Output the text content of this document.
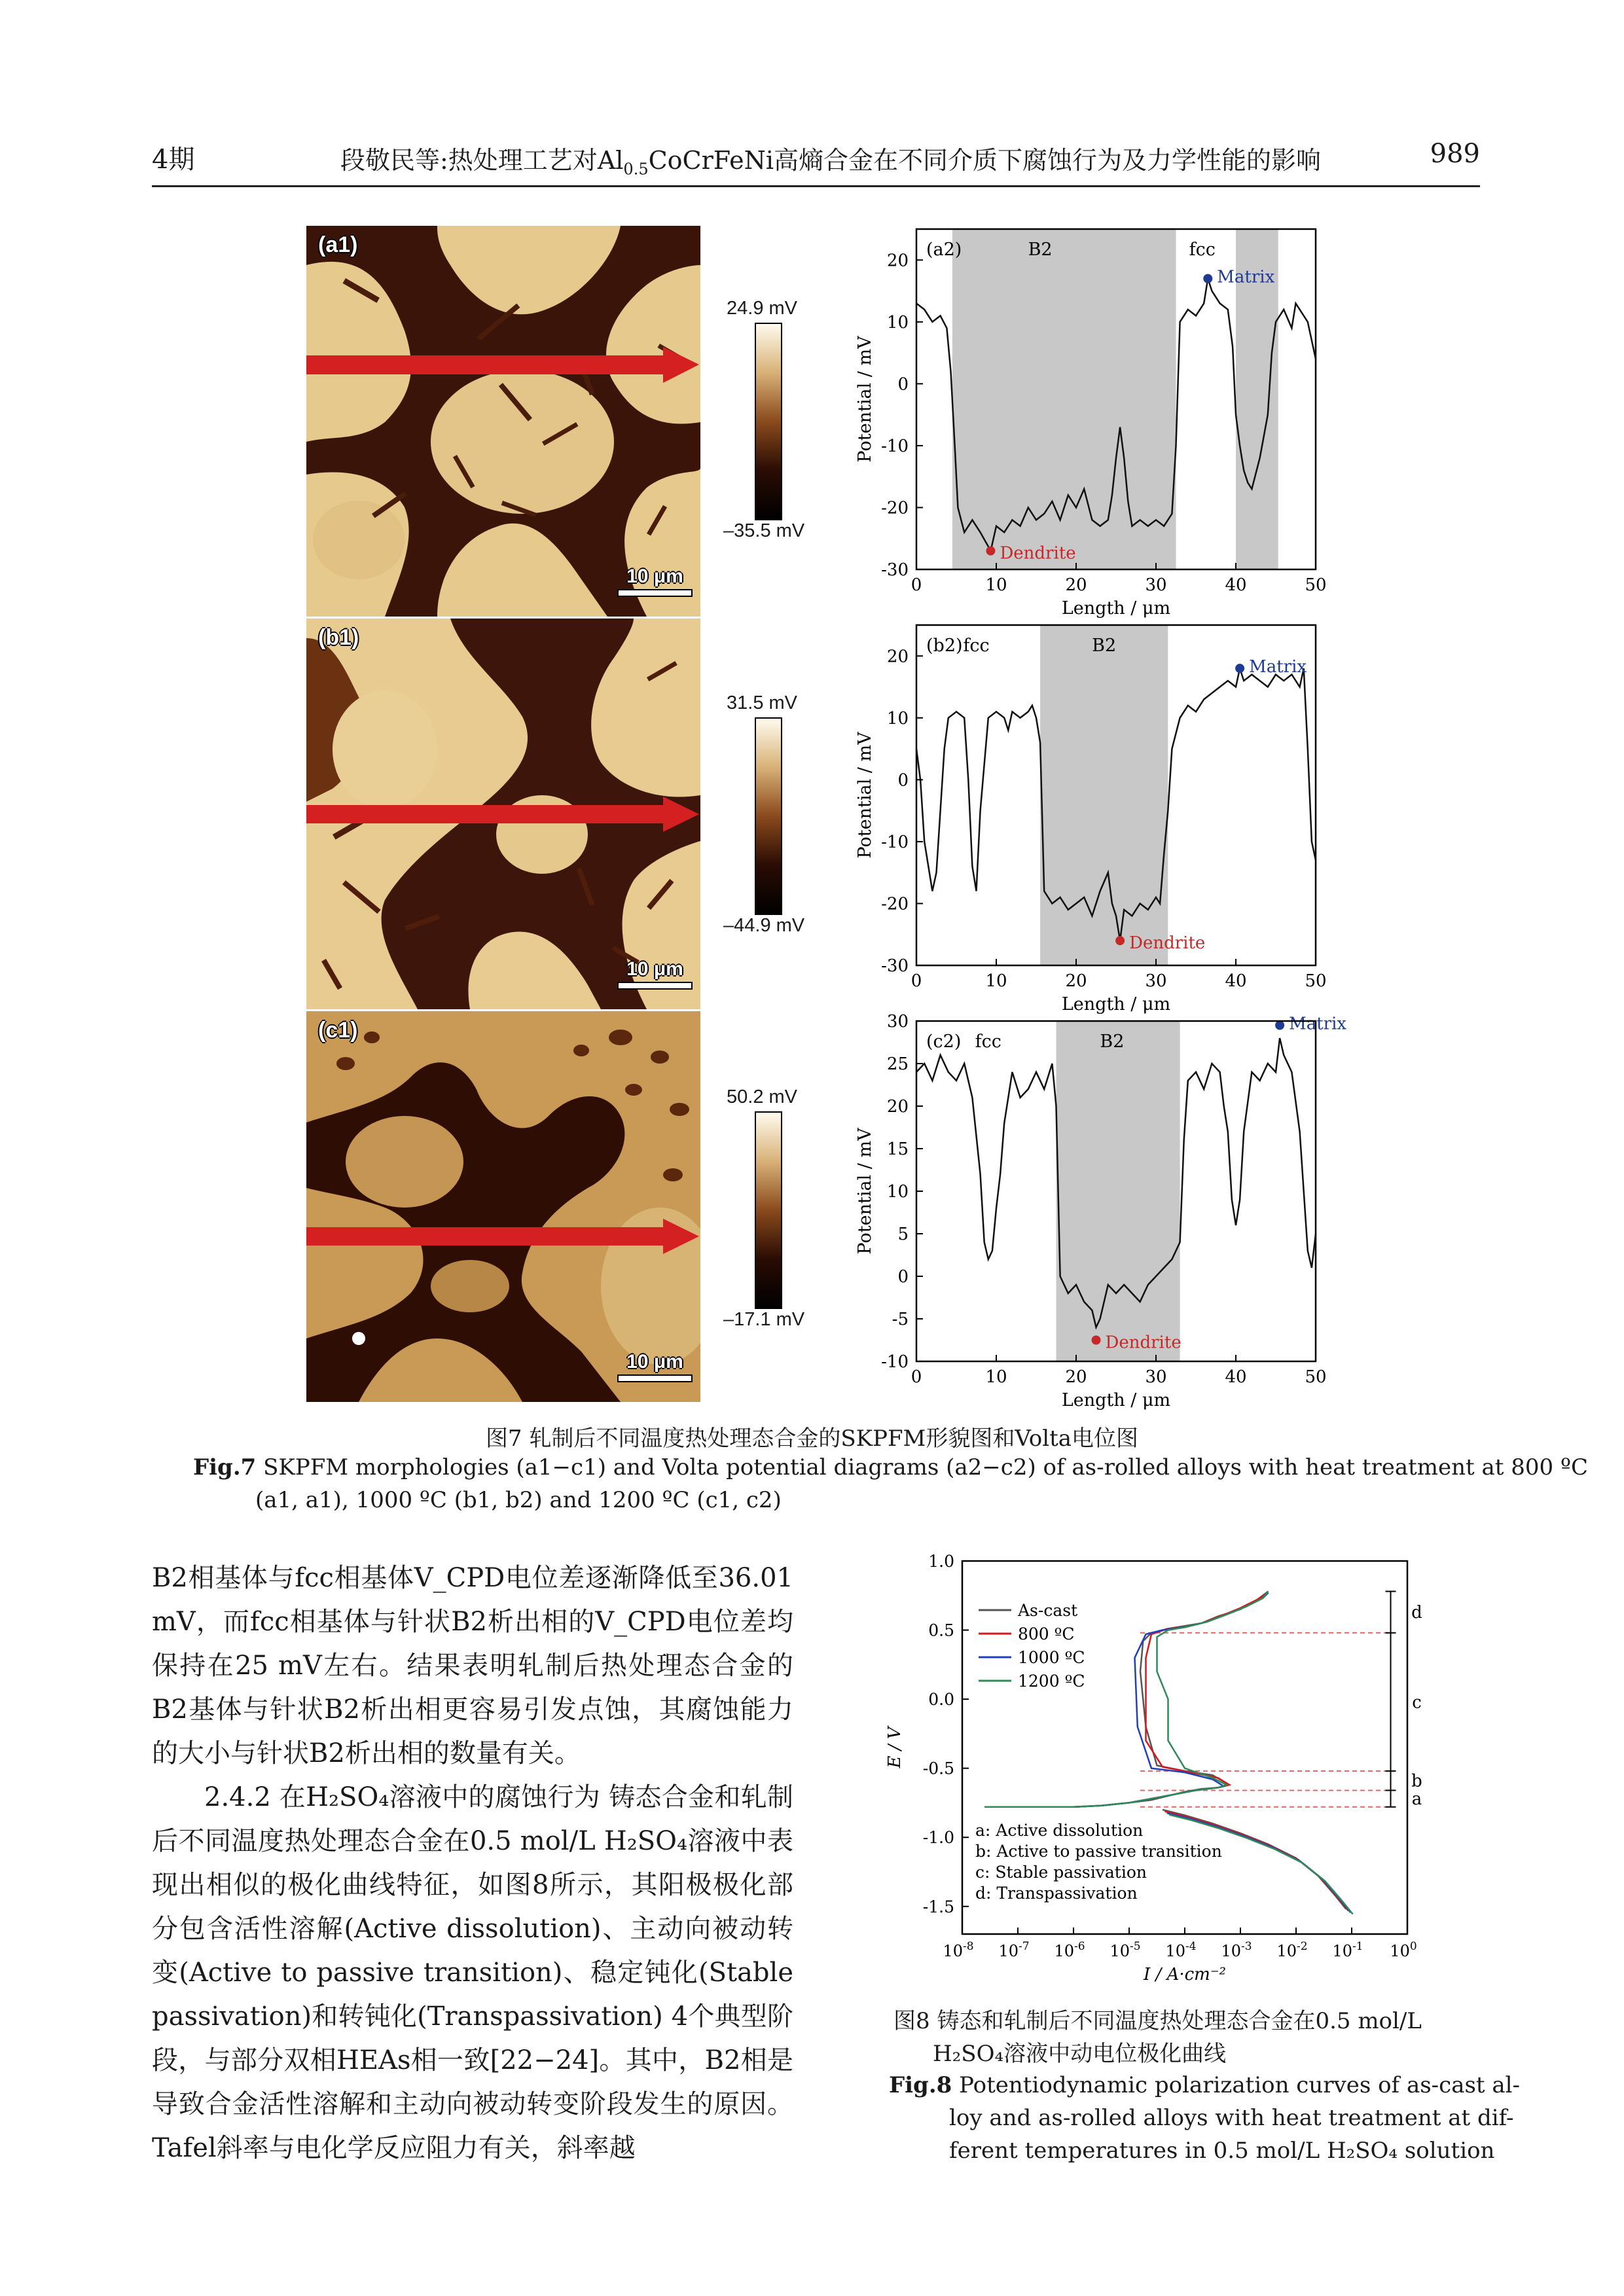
4期	段敬民等:热处理工艺对$Al_{0.5}CoCrFeNi$高熵合金在不同介质下腐蚀行为及力学性能的影响	989
(a1)
10 μm
(b1)
10 μm
(c1)
10 μm
24.9 mV
–35.5 mV
31.5 mV
–44.9 mV
50.2 mV
–17.1 mV
B2	fcc
(a2)
Dendrite
Matrix
0	10	20	30	40	50
-30
-20
-10
0
10
20
Length / μm
Potential / mV
fcc	B2
(b2)
Dendrite
Matrix
0	10	20	30	40	50
-30
-20
-10
0
10
20
Length / μm
Potential / mV
fcc	B2
(c2)
Dendrite
Matrix
0	10	20	30	40	50
-10
-5
0
5
10
15
20
25
30
Length / μm
Potential / mV
图7 轧制后不同温度热处理态合金的SKPFM形貌图和Volta电位图
Fig.7 SKPFM morphologies (a1−c1) and Volta potential diagrams (a2−c2) of as-rolled alloys with heat treatment at 800 ºC
(a1, a1), 1000 ºC (b1, b2) and 1200 ºC (c1, c2)

B2相基体与fcc相基体V_CPD电位差逐渐降低至36.01 mV，而fcc相基体与针状B2析出相的V_CPD电位差均保持在25 mV左右。结果表明轧制后热处理态合金的B2基体与针状B2析出相更容易引发点蚀，其腐蚀能力的大小与针状B2析出相的数量有关。

2.4.2 在H₂SO₄溶液中的腐蚀行为 铸态合金和轧制后不同温度热处理态合金在0.5 mol/L H₂SO₄溶液中表现出相似的极化曲线特征，如图8所示，其阳极极化部分包含活性溶解(Active dissolution)、主动向被动转变(Active to passive transition)、稳定钝化(Stable passivation)和转钝化(Transpassivation) 4个典型阶段，与部分双相HEAs相一致[22−24]。其中，B2相是导致合金活性溶解和主动向被动转变阶段发生的原因。Tafel斜率与电化学反应阻力有关，斜率越

d
c
b
a
As-cast
800 ºC
1000 ºC
1200 ºC
a: Active dissolution
b: Active to passive transition
c: Stable passivation
d: Transpassivation
$10^{-8}$ $10^{-7}$ $10^{-6}$ $10^{-5}$ $10^{-4}$ $10^{-3}$ $10^{-2}$ $10^{-1}$ $10^0$
-1.5
-1.0
-0.5
0.0
0.5
1.0
I / A·cm⁻²
E / V
图8 铸态和轧制后不同温度热处理态合金在0.5 mol/L
H₂SO₄溶液中动电位极化曲线
Fig.8 Potentiodynamic polarization curves of as-cast al-
loy and as-rolled alloys with heat treatment at dif-
ferent temperatures in 0.5 mol/L H₂SO₄ solution
